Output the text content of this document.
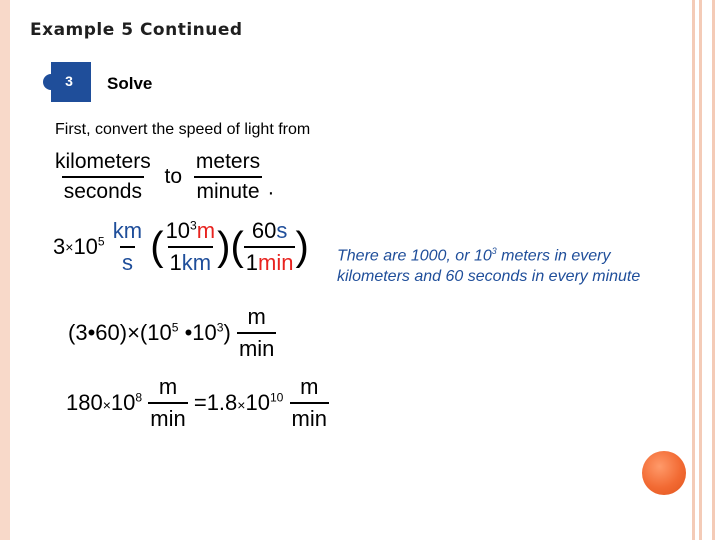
Example 5 Continued
3	Solve
First, convert the speed of light from
$\frac{\text{kilometers}}{\text{seconds}}$ to $\frac{\text{meters}}{\text{minute}}$ .
$3\times 10^5 \frac{km}{s}$ ( $\frac{10^3m}{1km}$ )( $\frac{60s}{1\min}$ ) There are 1000, or $10^3$ meters in every kilometers and 60 seconds in every minute
$(3•60)\times(10^5$ $•10^3) \frac{m}{\min}$
$180\times 10^8 \frac{m}{\min} =1.8\times 10^{10} \frac{m}{\min}$
